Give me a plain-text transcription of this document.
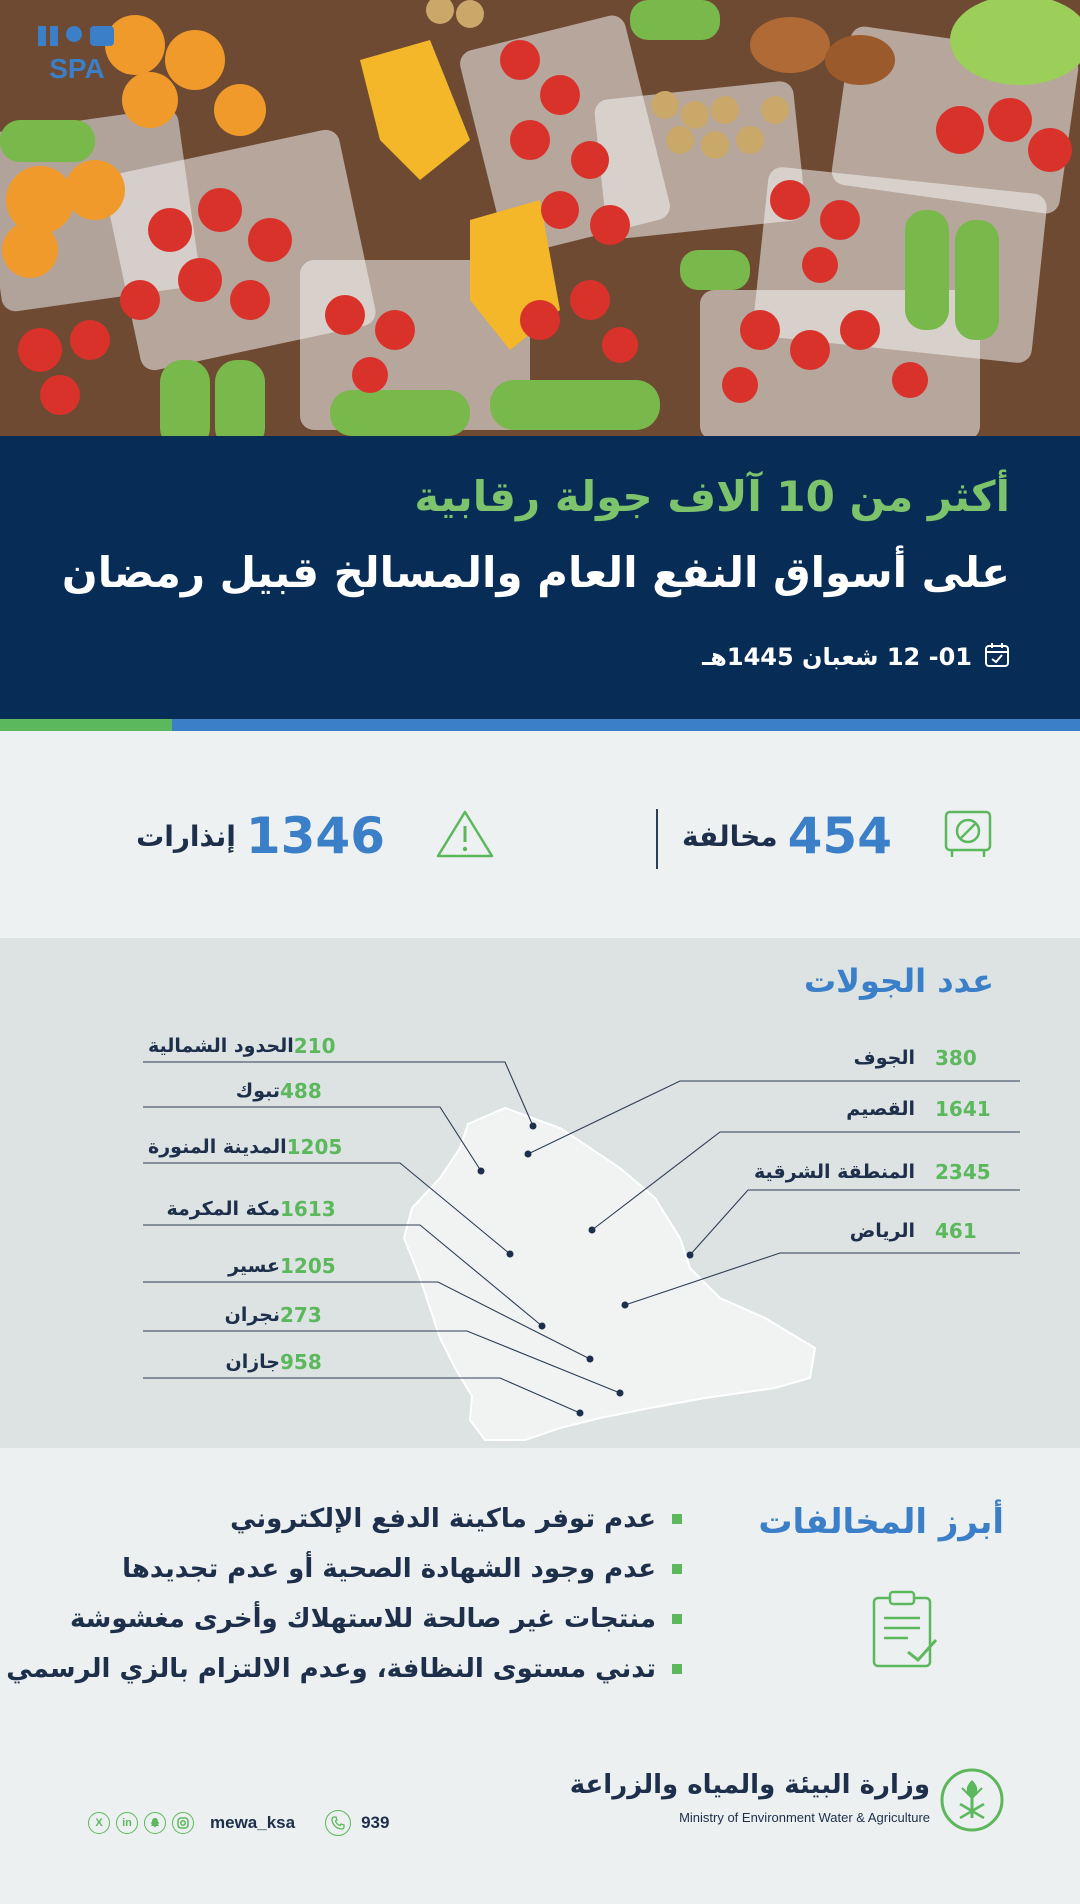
SPA
أكثر من 10 آلاف جولة رقابية
على أسواق النفع العام والمسالخ قبيل رمضان
01- 12 شعبان 1445هـ
454
مخالفة
1346
إنذارات
عدد الجولات
210
الحدود الشمالية
488
تبوك
1205
المدينة المنورة
1613
مكة المكرمة
1205
عسير
273
نجران
958
جازان
380
الجوف
1641
القصيم
2345
المنطقة الشرقية
461
الرياض
أبرز المخالفات
عدم توفر ماكينة الدفع الإلكتروني
عدم وجود الشهادة الصحية أو عدم تجديدها
منتجات غير صالحة للاستهلاك وأخرى مغشوشة
تدني مستوى النظافة، وعدم الالتزام بالزي الرسمي
وزارة البيئة والمياه والزراعة
Ministry of Environment Water & Agriculture
X	in	mewa_ksa	939
